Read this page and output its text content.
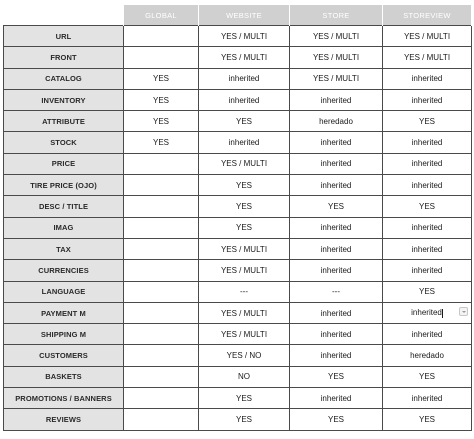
	GLOBAL	WEBSITE	STORE	STOREVIEW
URL		YES / MULTI	YES / MULTI	YES / MULTI
FRONT		YES / MULTI	YES / MULTI	YES / MULTI
CATALOG	YES	inherited	YES / MULTI	inherited
INVENTORY	YES	inherited	inherited	inherited
ATTRIBUTE	YES	YES	heredado	YES
STOCK	YES	inherited	inherited	inherited
PRICE		YES / MULTI	inherited	inherited
TIRE PRICE (OJO)		YES	inherited	inherited
DESC / TITLE		YES	YES	YES
IMAG		YES	inherited	inherited
TAX		YES / MULTI	inherited	inherited
CURRENCIES		YES / MULTI	inherited	inherited
LANGUAGE		---	---	YES
PAYMENT M		YES / MULTI	inherited	inherited

SHIPPING M		YES / MULTI	inherited	inherited
CUSTOMERS		YES / NO	inherited	heredado
BASKETS		NO	YES	YES
PROMOTIONS / BANNERS		YES	inherited	inherited
REVIEWS		YES	YES	YES
